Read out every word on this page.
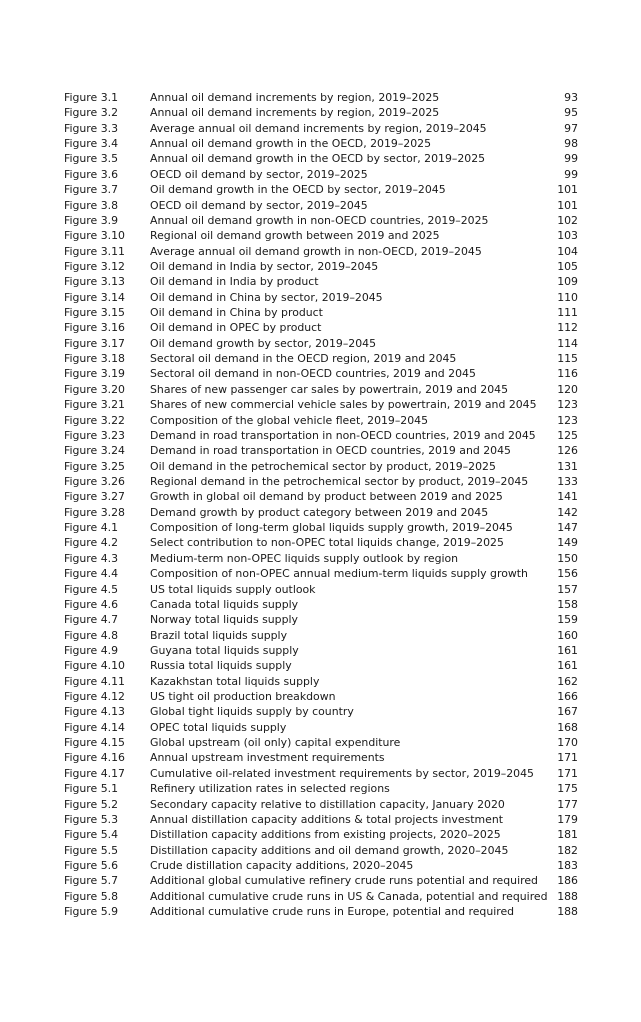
Figure 3.1	Annual oil demand increments by region, 2019–2025	93
Figure 3.2	Annual oil demand increments by region, 2019–2025	95
Figure 3.3	Average annual oil demand increments by region, 2019–2045	97
Figure 3.4	Annual oil demand growth in the OECD, 2019–2025	98
Figure 3.5	Annual oil demand growth in the OECD by sector, 2019–2025	99
Figure 3.6	OECD oil demand by sector, 2019–2025	99
Figure 3.7	Oil demand growth in the OECD by sector, 2019–2045	101
Figure 3.8	OECD oil demand by sector, 2019–2045	101
Figure 3.9	Annual oil demand growth in non-OECD countries, 2019–2025	102
Figure 3.10 Regional oil demand growth between 2019 and 2025	103
Figure 3.11 Average annual oil demand growth in non-OECD, 2019–2045	104
Figure 3.12 Oil demand in India by sector, 2019–2045	105
Figure 3.13 Oil demand in India by product	109
Figure 3.14 Oil demand in China by sector, 2019–2045	110
Figure 3.15 Oil demand in China by product	111
Figure 3.16 Oil demand in OPEC by product	112
Figure 3.17 Oil demand growth by sector, 2019–2045	114
Figure 3.18 Sectoral oil demand in the OECD region, 2019 and 2045	115
Figure 3.19 Sectoral oil demand in non-OECD countries, 2019 and 2045	116
Figure 3.20 Shares of new passenger car sales by powertrain, 2019 and 2045	120
Figure 3.21 Shares of new commercial vehicle sales by powertrain, 2019 and 2045 123
Figure 3.22 Composition of the global vehicle fleet, 2019–2045	123
Figure 3.23 Demand in road transportation in non-OECD countries, 2019 and 2045 125
Figure 3.24 Demand in road transportation in OECD countries, 2019 and 2045	126
Figure 3.25 Oil demand in the petrochemical sector by product, 2019–2025	131
Figure 3.26 Regional demand in the petrochemical sector by product, 2019–2045	133
Figure 3.27 Growth in global oil demand by product between 2019 and 2025	141
Figure 3.28 Demand growth by product category between 2019 and 2045	142
Figure 4.1	Composition of long-term global liquids supply growth, 2019–2045	147
Figure 4.2	Select contribution to non-OPEC total liquids change, 2019–2025	149
Figure 4.3	Medium-term non-OPEC liquids supply outlook by region	150
Figure 4.4	Composition of non-OPEC annual medium-term liquids supply growth	156
Figure 4.5	US total liquids supply outlook	157
Figure 4.6	Canada total liquids supply	158
Figure 4.7	Norway total liquids supply	159
Figure 4.8	Brazil total liquids supply	160
Figure 4.9	Guyana total liquids supply	161
Figure 4.10 Russia total liquids supply	161
Figure 4.11 Kazakhstan total liquids supply	162
Figure 4.12 US tight oil production breakdown	166
Figure 4.13 Global tight liquids supply by country	167
Figure 4.14 OPEC total liquids supply	168
Figure 4.15 Global upstream (oil only) capital expenditure	170
Figure 4.16 Annual upstream investment requirements	171
Figure 4.17 Cumulative oil-related investment requirements by sector, 2019–2045 171
Figure 5.1	Refinery utilization rates in selected regions	175
Figure 5.2	Secondary capacity relative to distillation capacity, January 2020	177
Figure 5.3	Annual distillation capacity additions & total projects investment	179
Figure 5.4	Distillation capacity additions from existing projects, 2020–2025	181
Figure 5.5	Distillation capacity additions and oil demand growth, 2020–2045	182
Figure 5.6	Crude distillation capacity additions, 2020–2045	183
Figure 5.7	Additional global cumulative refinery crude runs potential and required 186
Figure 5.8	Additional cumulative crude runs in US & Canada, potential and required 188
Figure 5.9	Additional cumulative crude runs in Europe, potential and required	188
